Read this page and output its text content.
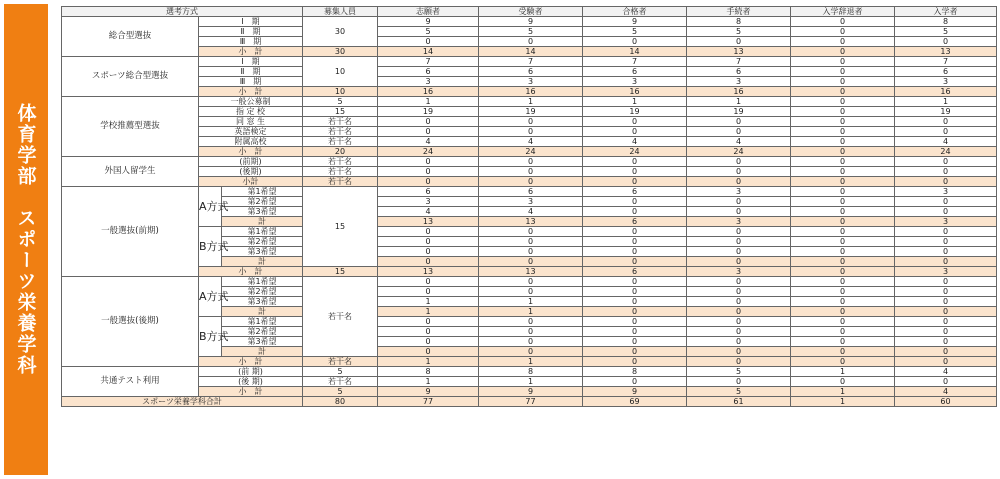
体育学部　スポーツ栄養学科
選考方式			募集人員	志願者	受験者	合格者	手続者	入学辞退者	入学者
総合型選抜	Ⅰ　期		30	9	9	9	8	0	8
	Ⅱ　期			5	5	5	5	0	5
	Ⅲ　期			0	0	0	0	0	0
	小　計		30	14	14	14	13	0	13
スポーツ総合型選抜	Ⅰ　期		10	7	7	7	7	0	7
	Ⅱ　期			6	6	6	6	0	6
	Ⅲ　期			3	3	3	3	0	3
	小　計		10	16	16	16	16	0	16
学校推薦型選抜	一般公募制		5	1	1	1	1	0	1
	指 定 校		15	19	19	19	19	0	19
	同 窓 生		若干名	0	0	0	0	0	0
	英語検定		若干名	0	0	0	0	0	0
	附属高校		若干名	4	4	4	4	0	4
	小　計		20	24	24	24	24	0	24
外国人留学生	(前期)		若干名	0	0	0	0	0	0
	(後期)		若干名	0	0	0	0	0	0
	小計		若干名	0	0	0	0	0	0
一般選抜(前期)	A方式	第1希望	15	6	6	6	3	0	3
		第2希望		3	3	0	0	0	0
		第3希望		4	4	0	0	0	0
		計		13	13	6	3	0	3
	B方式	第1希望		0	0	0	0	0	0
		第2希望		0	0	0	0	0	0
		第3希望		0	0	0	0	0	0
		計		0	0	0	0	0	0
	小　計		15	13	13	6	3	0	3
一般選抜(後期)	A方式	第1希望	若干名	0	0	0	0	0	0
		第2希望		0	0	0	0	0	0
		第3希望		1	1	0	0	0	0
		計		1	1	0	0	0	0
	B方式	第1希望		0	0	0	0	0	0
		第2希望		0	0	0	0	0	0
		第3希望		0	0	0	0	0	0
		計		0	0	0	0	0	0
	小　計		若干名	1	1	0	0	0	0
共通テスト利用	(前 期)		5	8	8	8	5	1	4
	(後 期)		若干名	1	1	0	0	0	0
	小　計		5	9	9	9	5	1	4
スポーツ栄養学科合計			80	77	77	69	61	1	60
